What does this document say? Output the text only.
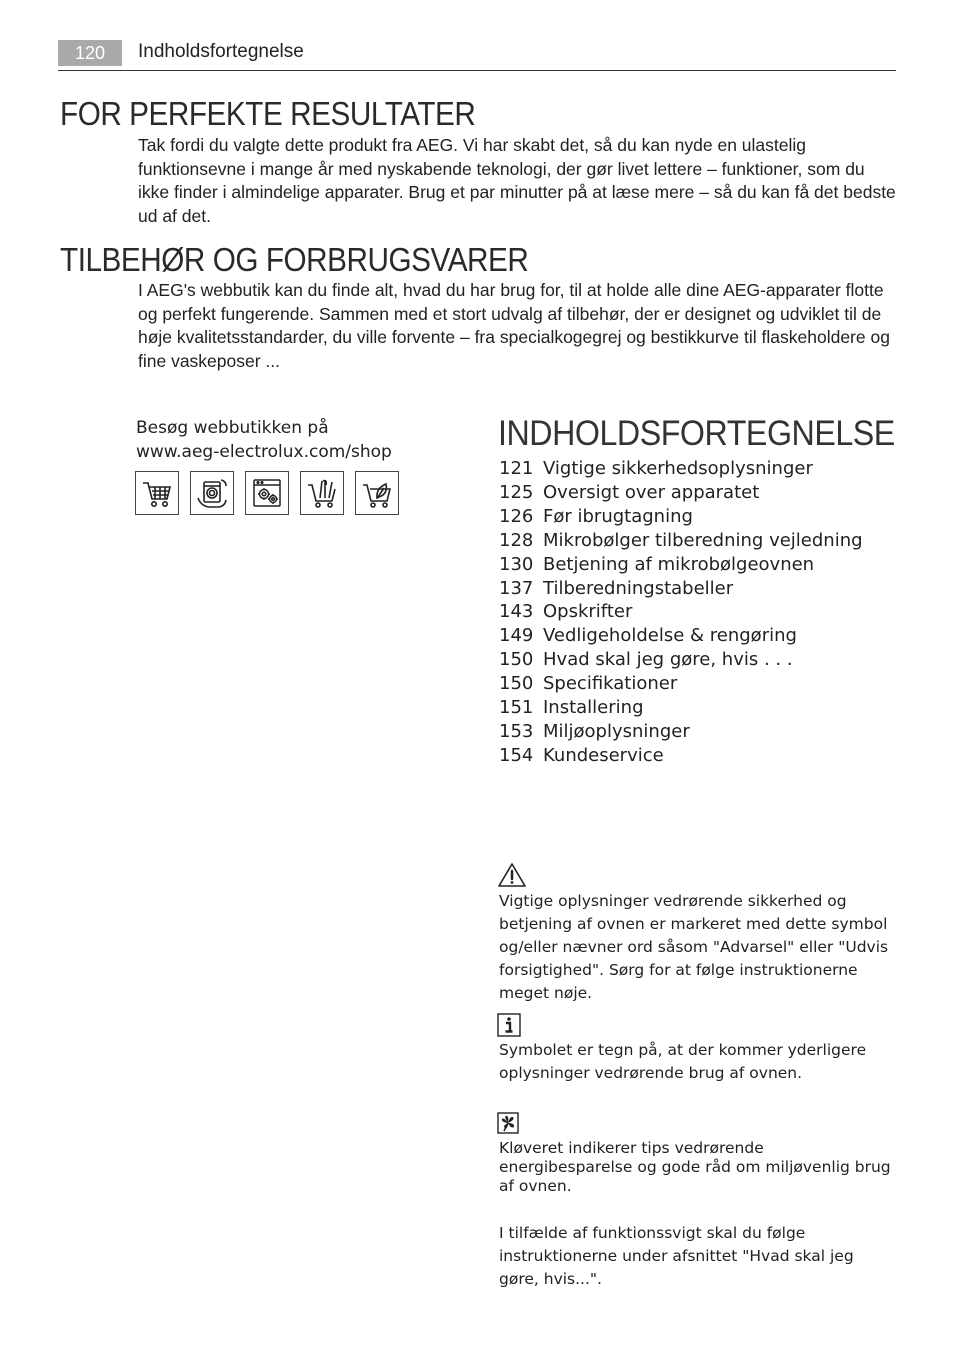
120	Indholdsfortegnelse
FOR PERFEKTE RESULTATER

Tak fordi du valgte dette produkt fra AEG. Vi har skabt det, så du kan nyde en ulastelig funktionsevne i mange år med nyskabende teknologi, der gør livet lettere – funktioner, som du ikke finder i almindelige apparater. Brug et par minutter på at læse mere – så du kan få det bedste ud af det.

TILBEHØR OG FORBRUGSVARER

I AEG's webbutik kan du finde alt, hvad du har brug for, til at holde alle dine AEG-apparater flotte og perfekt fungerende. Sammen med et stort udvalg af tilbehør, der er designet og udviklet til de høje kvalitetsstandarder, du ville forvente – fra specialkogegrej og bestikkurve til flaskeholdere og fine vaskeposer ...

Besøg webbutikken på
www.aeg-electrolux.com/shop	INDHOLDSFORTEGNELSE
121 Vigtige sikkerhedsoplysninger
125 Oversigt over apparatet
126 Før ibrugtagning
128 Mikrobølger tilberedning vejledning
130 Betjening af mikrobølgeovnen
137 Tilberedningstabeller
143 Opskrifter
149 Vedligeholdelse & rengøring
150 Hvad skal jeg gøre, hvis . . .
150 Specifikationer
151 Installering
153 Miljøoplysninger
154 Kundeservice

Vigtige oplysninger vedrørende sikkerhed og betjening af ovnen er markeret med dette symbol og/eller nævner ord såsom "Advarsel" eller "Udvis forsigtighed". Sørg for at følge instruktionerne meget nøje.

Symbolet er tegn på, at der kommer yderligere oplysninger vedrørende brug af ovnen.

Kløveret indikerer tips vedrørende energibesparelse og gode råd om miljøvenlig brug af ovnen.

I tilfælde af funktionssvigt skal du følge instruktionerne under afsnittet "Hvad skal jeg gøre, hvis...".
